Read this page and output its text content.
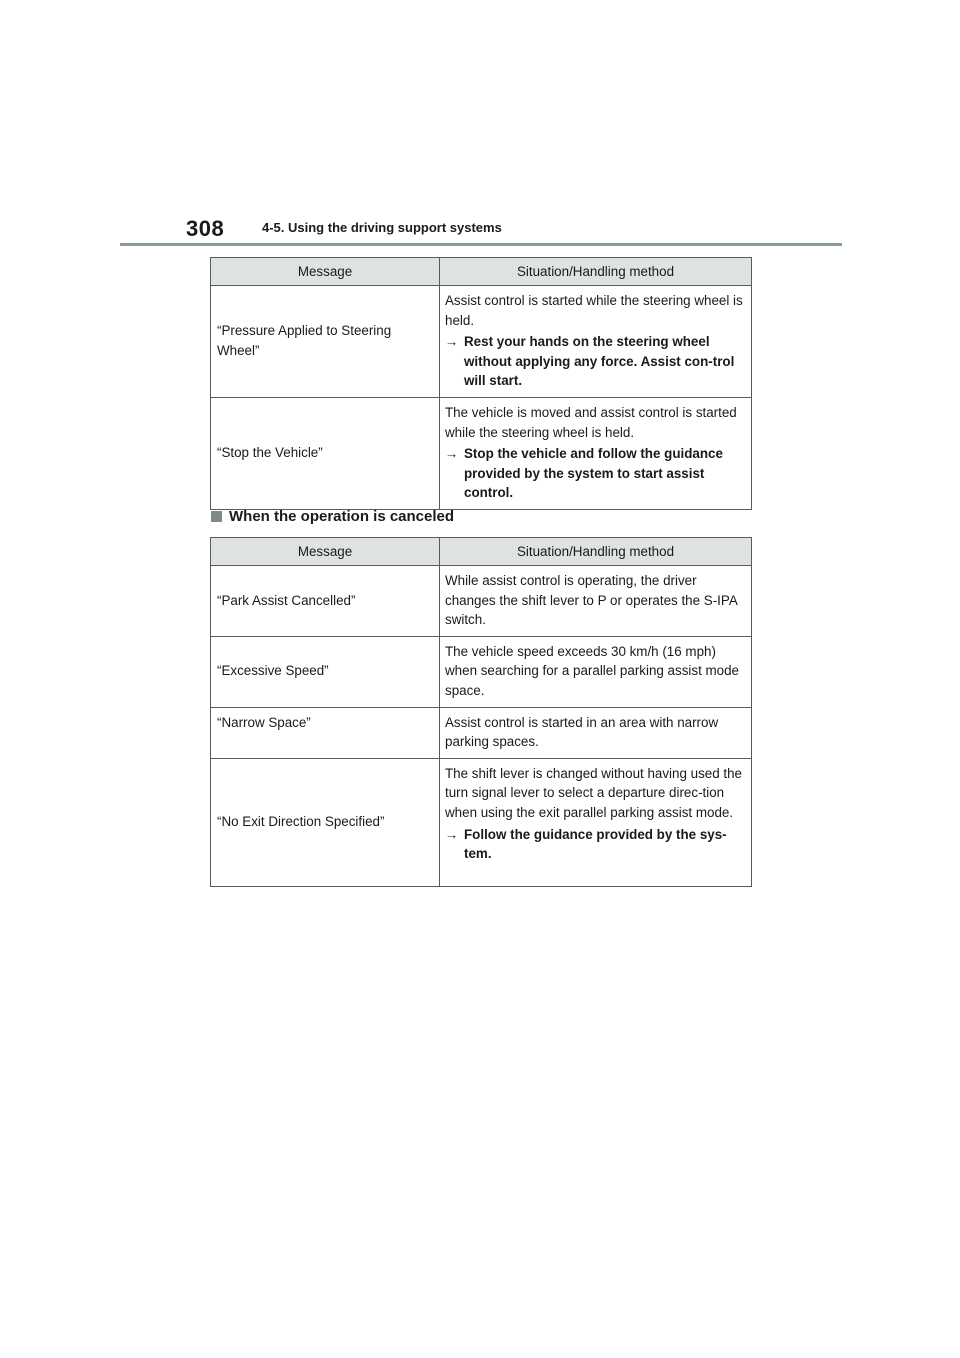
308	4-5. Using the driving support systems
Message	Situation/Handling method
“Pressure Applied to Steering Wheel”	Assist control is started while the steering wheel is held.
→ Rest your hands on the steering wheel without applying any force. Assist con-trol will start.

“Stop the Vehicle”	The vehicle is moved and assist control is started while the steering wheel is held.
→ Stop the vehicle and follow the guidance provided by the system to start assist control.
When the operation is canceled
Message	Situation/Handling method
“Park Assist Cancelled”	While assist control is operating, the driver changes the shift lever to P or operates the S-IPA switch.

“Excessive Speed”	The vehicle speed exceeds 30 km/h (16 mph) when searching for a parallel parking assist mode space.

“Narrow Space”	Assist control is started in an area with narrow parking spaces.

“No Exit Direction Specified”	The shift lever is changed without having used the turn signal lever to select a departure direc-tion when using the exit parallel parking assist mode.
→ Follow the guidance provided by the sys-tem.
